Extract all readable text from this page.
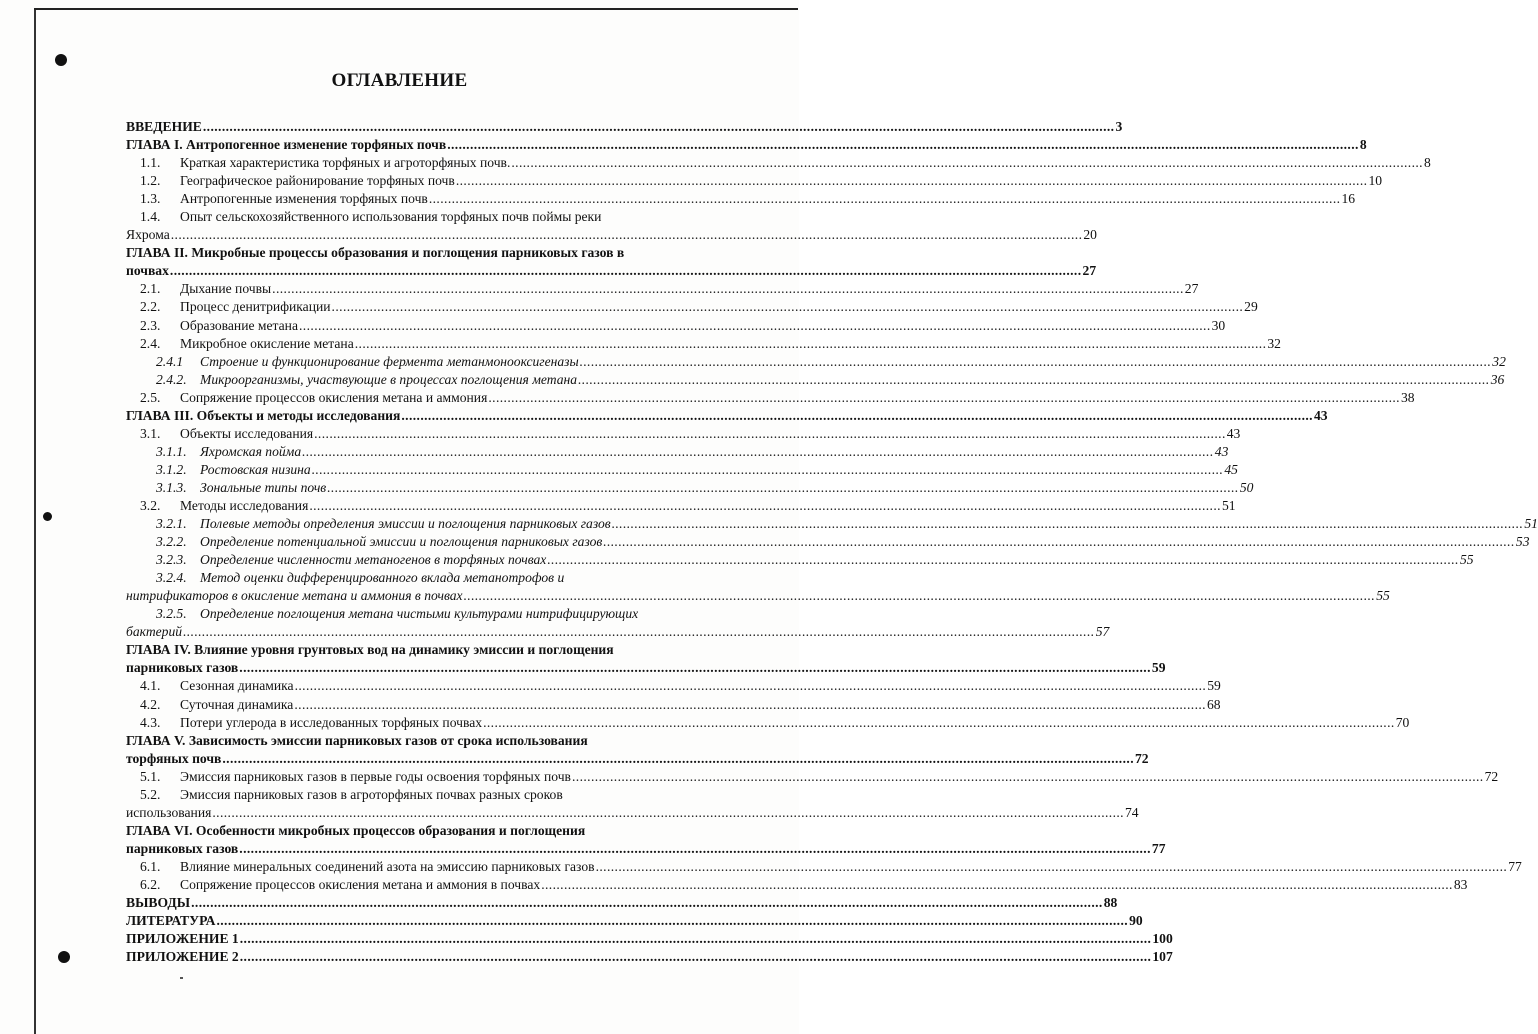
ОГЛАВЛЕНИЕ
ВВЕДЕНИЕ .....	3
ГЛАВА I. Антропогенное изменение торфяных почв .....	8
1.1.	Краткая характеристика торфяных и агроторфяных почв. .....	8
1.2.	Географическое районирование торфяных почв .....	10
1.3.	Антропогенные изменения торфяных почв .....	16
1.4.	Опыт сельскохозяйственного использования торфяных почв поймы реки
Яхрома .....	20
ГЛАВА II. Микробные процессы образования и поглощения парниковых газов в
почвах .....	27
2.1.	Дыхание почвы .....	27
2.2.	Процесс денитрификации .....	29
2.3.	Образование метана .....	30
2.4.	Микробное окисление метана .....	32
2.4.1	Строение и функционирование фермента метанмонооксигеназы .....	32
2.4.2. Микроорганизмы, участвующие в процессах поглощения метана .....	36
2.5.	Сопряжение процессов окисления метана и аммония .....	38
ГЛАВА III. Объекты и методы исследования .....	43
3.1.	Объекты исследования .....	43
3.1.1. Яхромская пойма .....	43
3.1.2. Ростовская низина .....	45
3.1.3. Зональные типы почв .....	50
3.2.	Методы исследования .....	51
3.2.1. Полевые методы определения эмиссии и поглощения парниковых газов .....	51
3.2.2. Определение потенциальной эмиссии и поглощения парниковых газов .....	53
3.2.3. Определение численности метаногенов в торфяных почвах .....	55
3.2.4. Метод оценки дифференцированного вклада метанотрофов и
нитрификаторов в окисление метана и аммония в почвах .....	55
3.2.5. Определение поглощения метана чистыми культурами нитрифицирующих
бактерий .....	57
ГЛАВА IV. Влияние уровня грунтовых вод на динамику эмиссии и поглощения
парниковых газов .....	59
4.1.	Сезонная динамика .....	59
4.2.	Суточная динамика .....	68
4.3.	Потери углерода в исследованных торфяных почвах .....	70
ГЛАВА V. Зависимость эмиссии парниковых газов от срока использования
торфяных почв .....	72
5.1.	Эмиссия парниковых газов в первые годы освоения торфяных почв .....	72
5.2.	Эмиссия парниковых газов в агроторфяных почвах разных сроков
использования .....	74
ГЛАВА VI. Особенности микробных процессов образования и поглощения
парниковых газов .....	77
6.1.	Влияние минеральных соединений азота на эмиссию парниковых газов .....	77
6.2.	Сопряжение процессов окисления метана и аммония в почвах .....	83
ВЫВОДЫ .....	88
ЛИТЕРАТУРА .....	90
ПРИЛОЖЕНИЕ 1 .....	100
ПРИЛОЖЕНИЕ 2 .....	107
